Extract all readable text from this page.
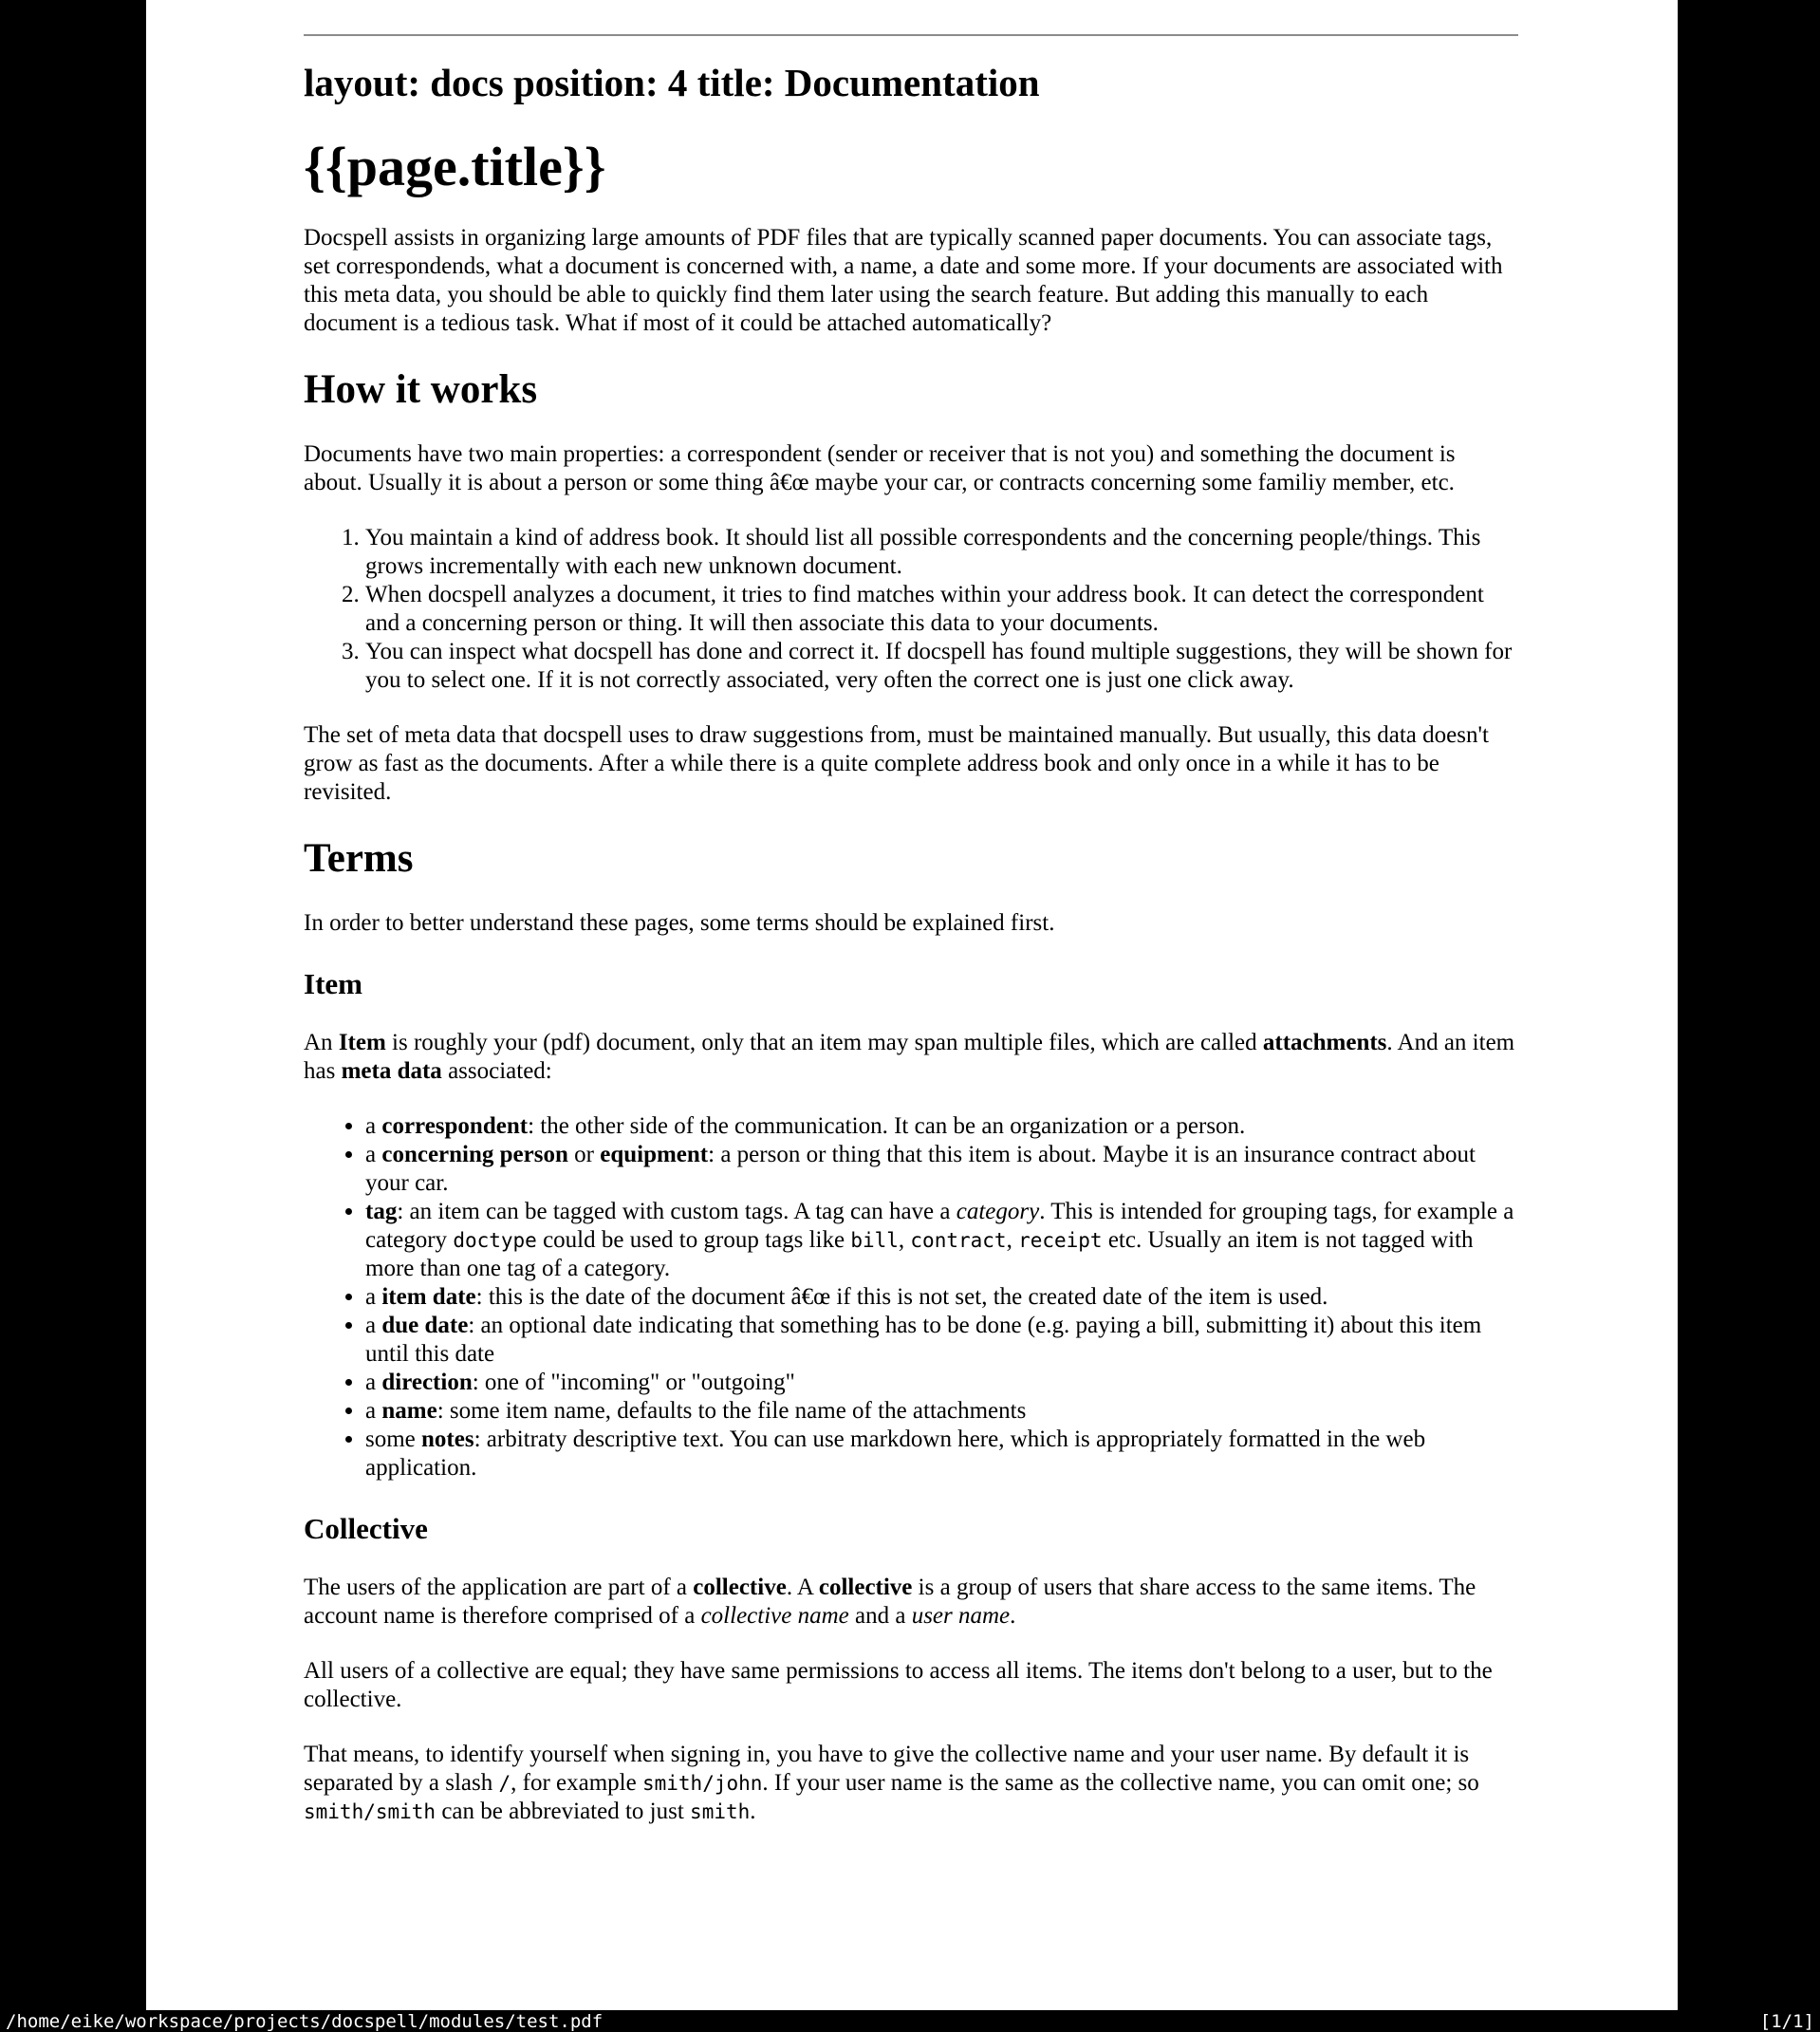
layout: docs position: 4 title: Documentation
{{page.title}}

Docspell assists in organizing large amounts of PDF files that are typically scanned paper documents. You can associate tags, set correspondends, what a document is concerned with, a name, a date and some more. If your documents are associated with this meta data, you should be able to quickly find them later using the search feature. But adding this manually to each document is a tedious task. What if most of it could be attached automatically?

How it works

Documents have two main properties: a correspondent (sender or receiver that is not you) and something the document is about. Usually it is about a person or some thing â€œ maybe your car, or contracts concerning some familiy member, etc.

1. You maintain a kind of address book. It should list all possible correspondents and the concerning people/things. This grows incrementally with each new unknown document.
2. When docspell analyzes a document, it tries to find matches within your address book. It can detect the correspondent and a concerning person or thing. It will then associate this data to your documents.
3. You can inspect what docspell has done and correct it. If docspell has found multiple suggestions, they will be shown for you to select one. If it is not correctly associated, very often the correct one is just one click away.

The set of meta data that docspell uses to draw suggestions from, must be maintained manually. But usually, this data doesn't grow as fast as the documents. After a while there is a quite complete address book and only once in a while it has to be revisited.

Terms

In order to better understand these pages, some terms should be explained first.

Item

An Item is roughly your (pdf) document, only that an item may span multiple files, which are called attachments. And an item has meta data associated:

• a correspondent: the other side of the communication. It can be an organization or a person.
• a concerning person or equipment: a person or thing that this item is about. Maybe it is an insurance contract about your car.
• tag: an item can be tagged with custom tags. A tag can have a category. This is intended for grouping tags, for example a category doctype could be used to group tags like bill, contract, receipt etc. Usually an item is not tagged with more than one tag of a category.
• a item date: this is the date of the document â€œ if this is not set, the created date of the item is used.
• a due date: an optional date indicating that something has to be done (e.g. paying a bill, submitting it) about this item until this date
• a direction: one of "incoming" or "outgoing"
• a name: some item name, defaults to the file name of the attachments
• some notes: arbitraty descriptive text. You can use markdown here, which is appropriately formatted in the web application.
Collective

The users of the application are part of a collective. A collective is a group of users that share access to the same items. The account name is therefore comprised of a collective name and a user name.

All users of a collective are equal; they have same permissions to access all items. The items don't belong to a user, but to the collective.

That means, to identify yourself when signing in, you have to give the collective name and your user name. By default it is separated by a slash /, for example smith/john. If your user name is the same as the collective name, you can omit one; so smith/smith can be abbreviated to just smith.

/home/eike/workspace/projects/docspell/modules/test.pdf	[1/1]
